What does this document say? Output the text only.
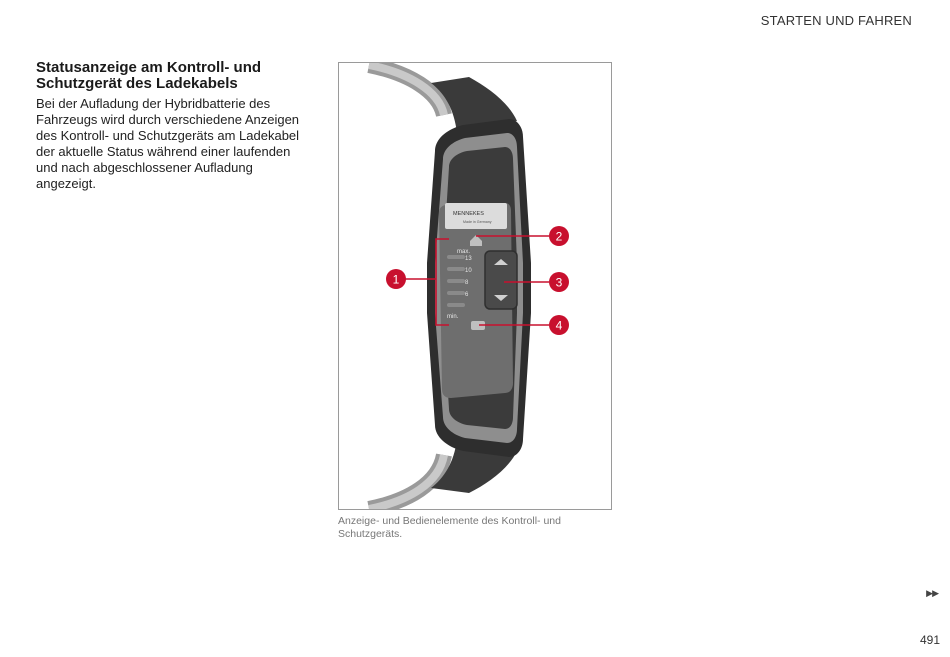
STARTEN UND FAHREN
Statusanzeige am Kontroll- und Schutzgerät des Ladekabels

Bei der Aufladung der Hybridbatterie des Fahrzeugs wird durch verschiedene Anzeigen des Kontroll- und Schutzgeräts am Ladekabel der aktuelle Status während einer laufenden und nach abgeschlossener Aufladung angezeigt.

MENNEKES
Made in Germany
max.
13
10
8
6
min.
1
2
3
4

Anzeige- und Bedienelemente des Kontroll- und Schutzgeräts.

▶▶
491
